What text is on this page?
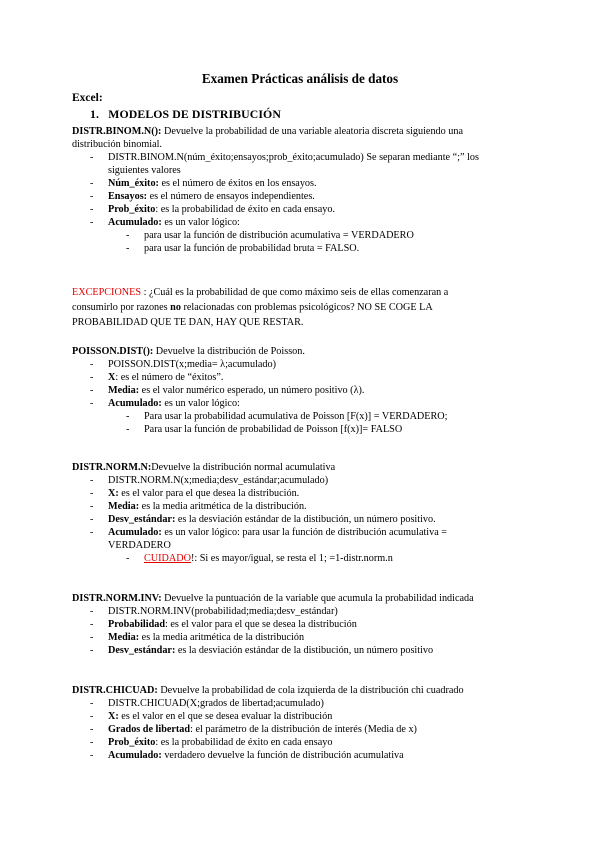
Examen Prácticas análisis de datos
Excel:
1. MODELOS DE DISTRIBUCIÓN

DISTR.BINOM.N(): Devuelve la probabilidad de una variable aleatoria discreta siguiendo una
distribución binomial.

- DISTR.BINOM.N(núm_éxito;ensayos;prob_éxito;acumulado) Se separan mediante “;” los
siguientes valores
- Núm_éxito: es el número de éxitos en los ensayos.
- Ensayos: es el número de ensayos independientes.
- Prob_éxito: es la probabilidad de éxito en cada ensayo.
- Acumulado: es un valor lógico:
- para usar la función de distribución acumulativa = VERDADERO
- para usar la función de probabilidad bruta = FALSO.
EXCEPCIONES : ¿Cuál es la probabilidad de que como máximo seis de ellas comenzaran a
consumirlo por razones no relacionadas con problemas psicológicos? NO SE COGE LA
PROBABILIDAD QUE TE DAN, HAY QUE RESTAR.

POISSON.DIST(): Devuelve la distribución de Poisson.

- POISSON.DIST(x;media= λ;acumulado)
- X: es el número de “éxitos”.
- Media: es el valor numérico esperado, un número positivo (λ).
- Acumulado: es un valor lógico:
- Para usar la probabilidad acumulativa de Poisson [F(x)] = VERDADERO;
- Para usar la función de probabilidad de Poisson [f(x)]= FALSO

DISTR.NORM.N:Devuelve la distribución normal acumulativa

- DISTR.NORM.N(x;media;desv_estándar;acumulado)
- X: es el valor para el que desea la distribución.
- Media: es la media aritmética de la distribución.
- Desv_estándar: es la desviación estándar de la distibución, un número positivo.
- Acumulado: es un valor lógico: para usar la función de distribución acumulativa =
VERDADERO
- CUIDADO!: Si es mayor/igual, se resta el 1; =1-distr.norm.n

DISTR.NORM.INV: Devuelve la puntuación de la variable que acumula la probabilidad indicada

- DISTR.NORM.INV(probabilidad;media;desv_estándar)
- Probabilidad: es el valor para el que se desea la distribución
- Media: es la media aritmética de la distribución
- Desv_estándar: es la desviación estándar de la distibución, un número positivo

DISTR.CHICUAD: Devuelve la probabilidad de cola izquierda de la distribución chi cuadrado

- DISTR.CHICUAD(X;grados de libertad;acumulado)
- X: es el valor en el que se desea evaluar la distribución
- Grados de libertad: el parámetro de la distribución de interés (Media de x)
- Prob_éxito: es la probabilidad de éxito en cada ensayo
- Acumulado: verdadero devuelve la función de distribución acumulativa
